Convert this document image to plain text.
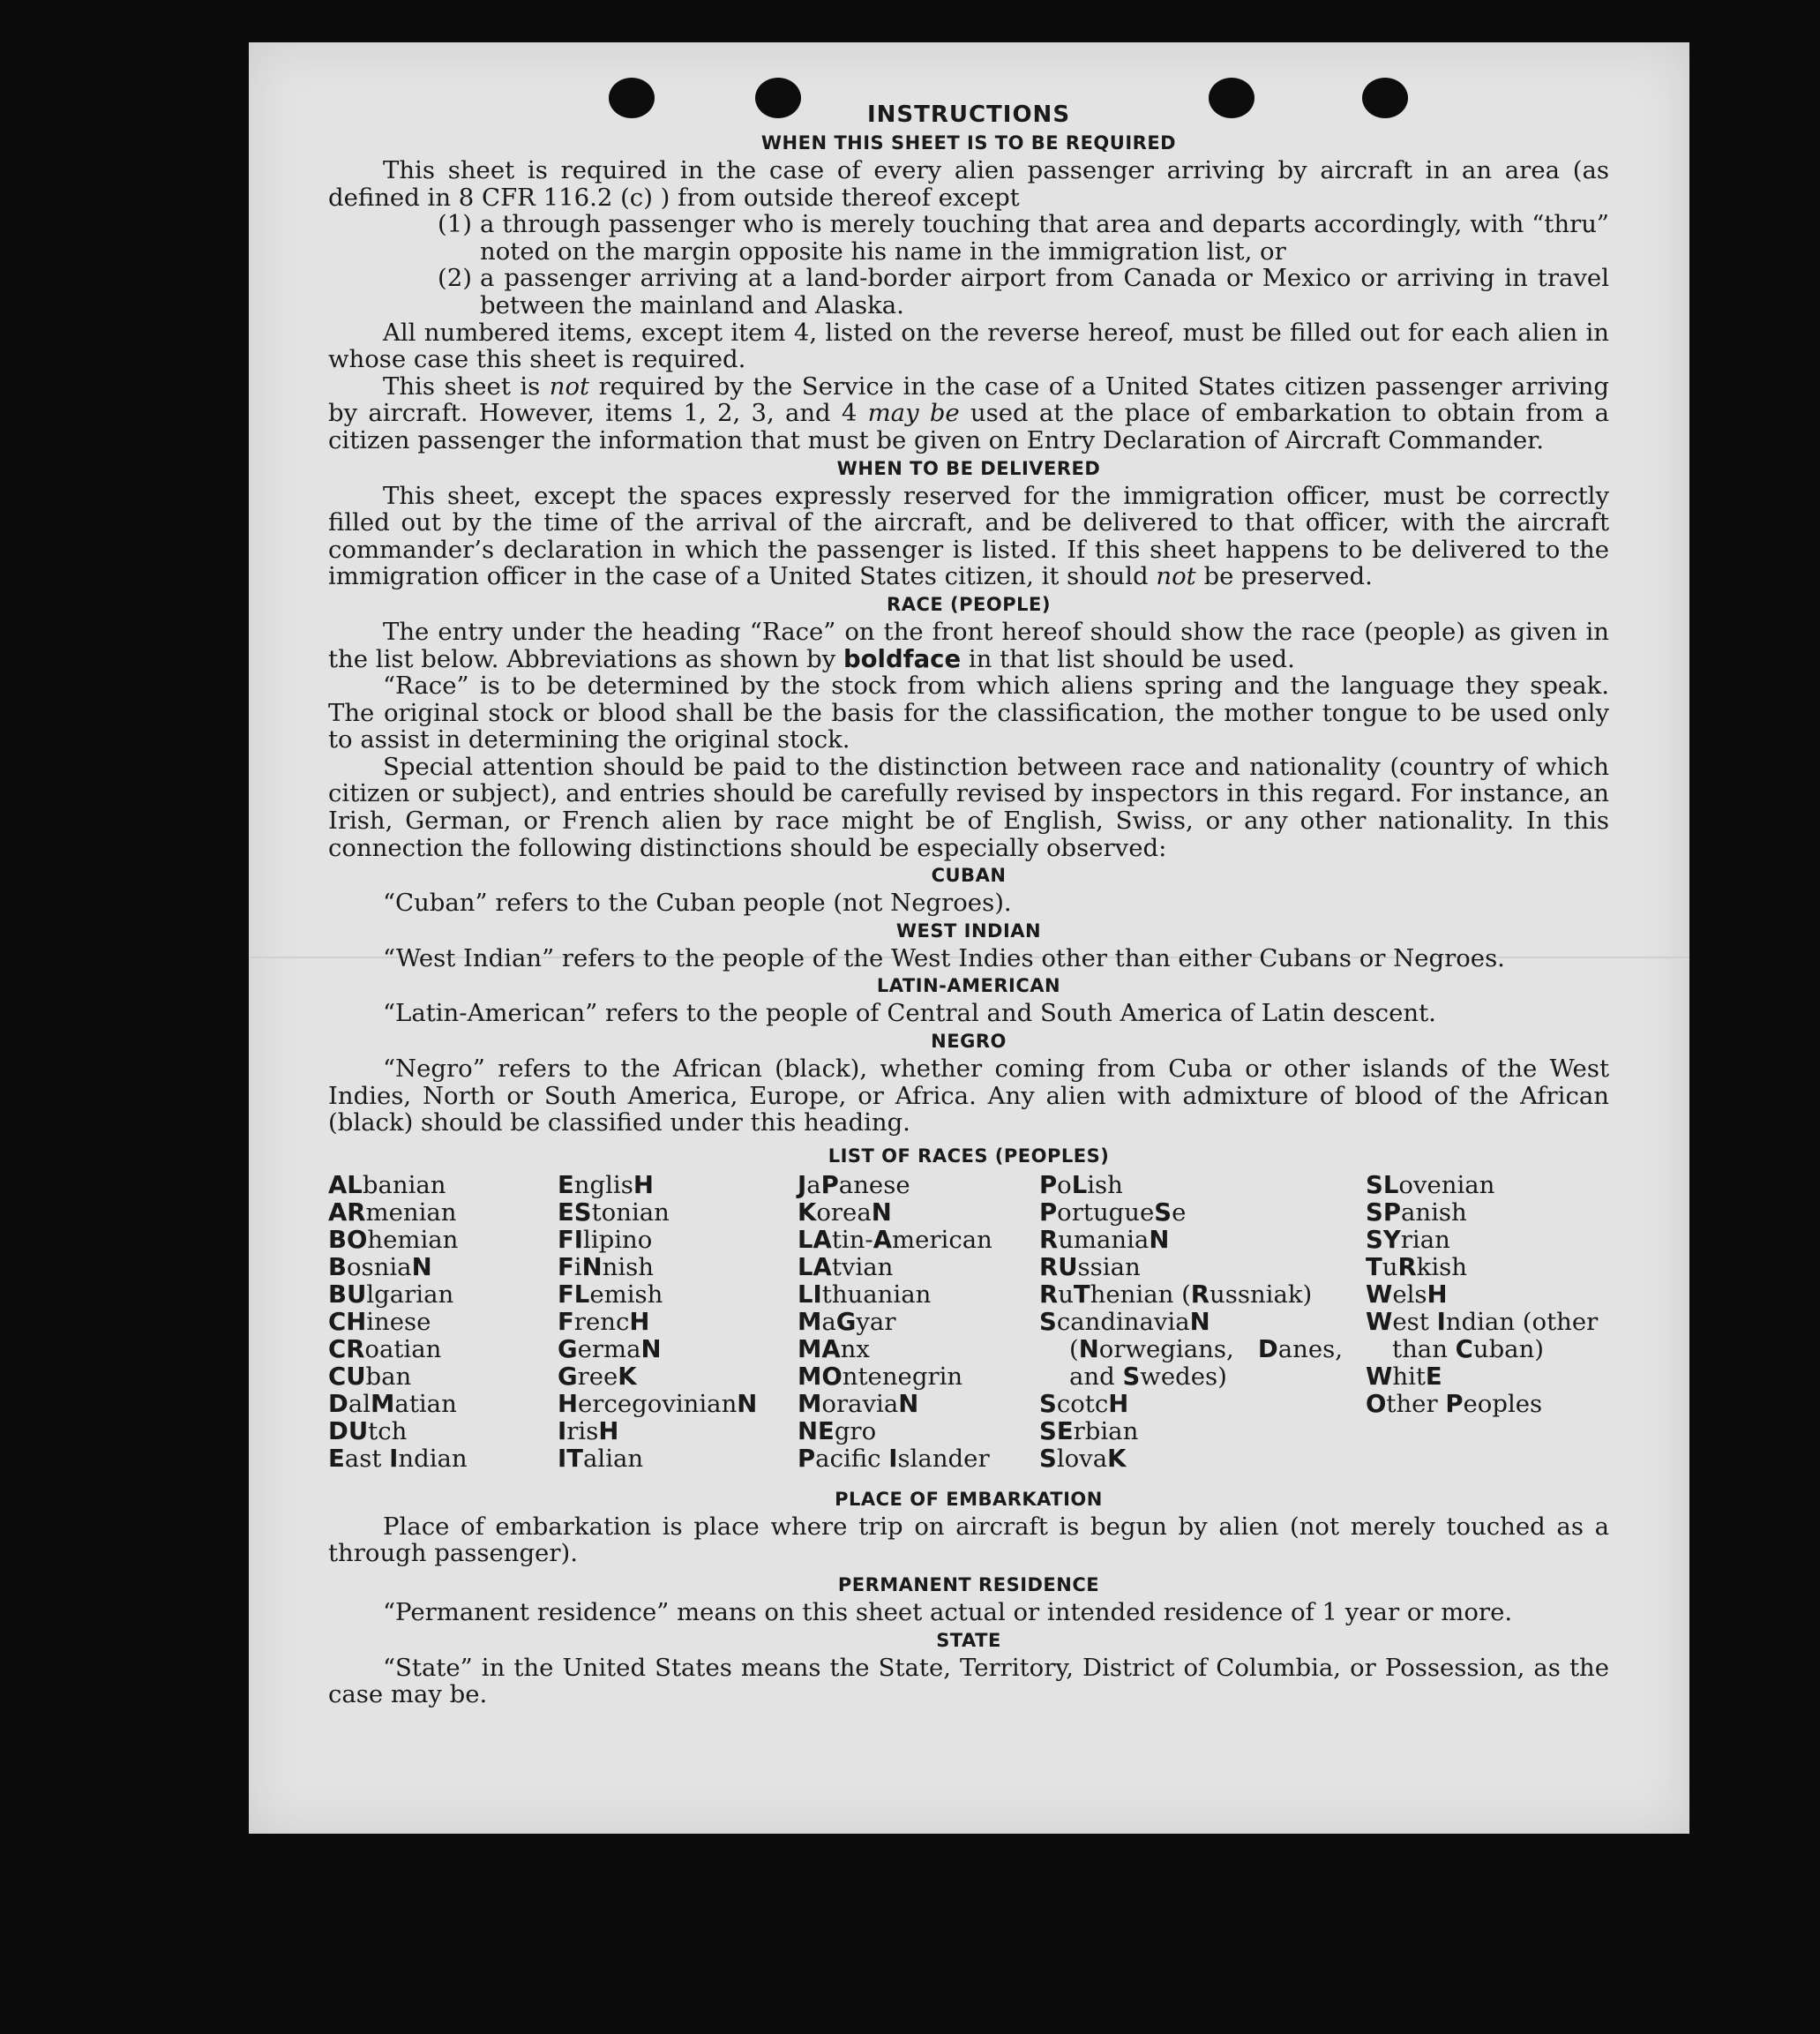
INSTRUCTIONS
WHEN THIS SHEET IS TO BE REQUIRED

This sheet is required in the case of every alien passenger arriving by aircraft in an area (as defined in 8 CFR 116.2 (c) ) from outside thereof except

(1) a through passenger who is merely touching that area and departs accordingly, with “thru” noted on the margin opposite his name in the immigration list, or
(2) a passenger arriving at a land-border airport from Canada or Mexico or arriving in travel between the mainland and Alaska.

All numbered items, except item 4, listed on the reverse hereof, must be filled out for each alien in whose case this sheet is required.

This sheet is not required by the Service in the case of a United States citizen passenger arriving by aircraft. However, items 1, 2, 3, and 4 may be used at the place of embarkation to obtain from a citizen passenger the information that must be given on Entry Declaration of Aircraft Commander.

WHEN TO BE DELIVERED

This sheet, except the spaces expressly reserved for the immigration officer, must be correctly filled out by the time of the arrival of the aircraft, and be delivered to that officer, with the aircraft commander’s declaration in which the passenger is listed. If this sheet happens to be delivered to the immigration officer in the case of a United States citizen, it should not be preserved.

RACE (PEOPLE)

The entry under the heading “Race” on the front hereof should show the race (people) as given in the list below. Abbreviations as shown by boldface in that list should be used.

“Race” is to be determined by the stock from which aliens spring and the language they speak. The original stock or blood shall be the basis for the classification, the mother tongue to be used only to assist in determining the original stock.

Special attention should be paid to the distinction between race and nationality (country of which citizen or subject), and entries should be carefully revised by inspectors in this regard. For instance, an Irish, German, or French alien by race might be of English, Swiss, or any other nationality. In this connection the following distinctions should be especially observed:

CUBAN
“Cuban” refers to the Cuban people (not Negroes).
WEST INDIAN
“West Indian” refers to the people of the West Indies other than either Cubans or Negroes.
LATIN-AMERICAN
“Latin-American” refers to the people of Central and South America of Latin descent.
NEGRO

“Negro” refers to the African (black), whether coming from Cuba or other islands of the West Indies, North or South America, Europe, or Africa. Any alien with admixture of blood of the African (black) should be classified under this heading.

LIST OF RACES (PEOPLES)
ALbanian
ARmenian
BOhemian
BosniaN
BUlgarian
CHinese
CRoatian
CUban
DalMatian
DUtch
East Indian
EnglisH
EStonian
FIlipino
FiNnish
FLemish
FrencH
GermaN
GreeK
HercegovinianN
IrisH
ITalian
JaPanese
KoreaN
LAtin-American
LAtvian
LIthuanian
MaGyar
MAnx
MOntenegrin
MoraviaN
NEgro
Pacifc Islander
PoLish
PortugueSe
RumaniaN
RUssian
RuThenian (Russniak)
ScandinaviaN (Norwegians, Danes, and Swedes)
ScotcH
SErbian
SlovaK
SLovenian
SPanish
SYrian
TuRkish
WelsH
West Indian (other than Cuban)
WhitE
Other Peoples
PLACE OF EMBARKATION

Place of embarkation is place where trip on aircraft is begun by alien (not merely touched as a through passenger).

PERMANENT RESIDENCE
“Permanent residence” means on this sheet actual or intended residence of 1 year or more.
STATE

“State” in the United States means the State, Territory, District of Columbia, or Possession, as the case may be.
